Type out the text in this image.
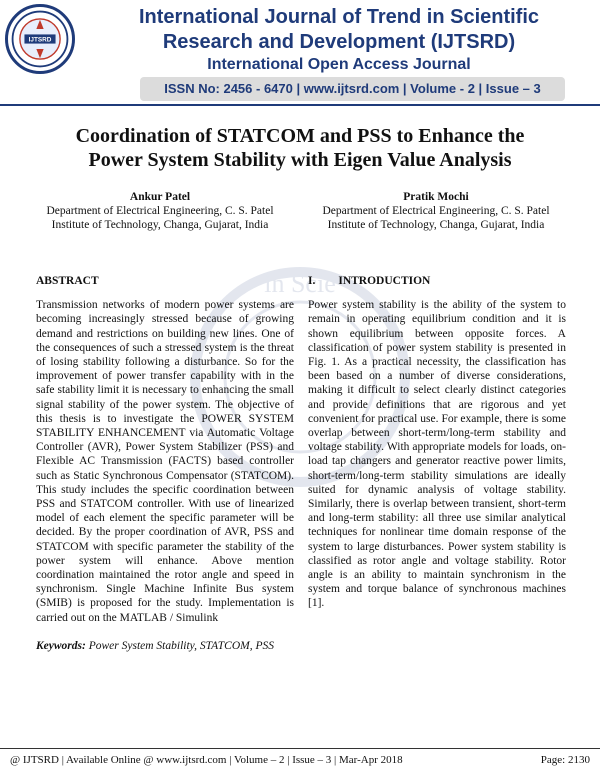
IJTSRD
International Journal of Trend in Scientific
Research and Development (IJTSRD)
International Open Access Journal
ISSN No: 2456 - 6470 | www.ijtsrd.com | Volume - 2 | Issue – 3
Coordination of STATCOM and PSS to Enhance the
Power System Stability with Eigen Value Analysis
Ankur Patel
Department of Electrical Engineering, C. S. Patel
Institute of Technology, Changa, Gujarat, India
Pratik Mochi
Department of Electrical Engineering, C. S. Patel
Institute of Technology, Changa, Gujarat, India
in Scie
ABSTRACT
Transmission networks of modern power systems are becoming increasingly stressed because of growing demand and restrictions on building new lines. One of the consequences of such a stressed system is the threat of losing stability following a disturbance. So for the improvement of power transfer capability with in the safe stability limit it is necessary to enhancing the small signal stability of the power system. The objective of this thesis is to investigate the POWER SYSTEM STABILITY ENHANCEMENT via Automatic Voltage Controller (AVR), Power System Stabilizer (PSS) and Flexible AC Transmission (FACTS) based controller such as Static Synchronous Compensator (STATCOM). This study includes the specific coordination between PSS and STATCOM controller. With use of linearized model of each element the specific parameter will be decided. By the proper coordination of AVR, PSS and STATCOM with specific parameter the stability of the power system will enhance. Above mention coordination maintained the rotor angle and speed in synchronism. Single Machine Infinite Bus system (SMIB) is proposed for the study. Implementation is carried out on the MATLAB / Simulink
Keywords: Power System Stability, STATCOM, PSS
I.        INTRODUCTION
Power system stability is the ability of the system to remain in operating equilibrium condition and it is shown equilibrium between opposite forces. A classification of power system stability is presented in Fig. 1. As a practical necessity, the classification has been based on a number of diverse considerations, making it difficult to select clearly distinct categories and provide definitions that are rigorous and yet convenient for practical use. For example, there is some overlap between short-term/long-term stability and voltage stability. With appropriate models for loads, on- load tap changers and generator reactive power limits, short-term/long-term stability simulations are ideally suited for dynamic analysis of voltage stability. Similarly, there is overlap between transient, short-term and long-term stability: all three use similar analytical techniques for nonlinear time domain response of the system to large disturbances. Power system stability is classified as rotor angle and voltage stability. Rotor angle is an ability to maintain synchronism in the system and torque balance of synchronous machines [1].
@ IJTSRD | Available Online @ www.ijtsrd.com | Volume – 2 | Issue – 3 | Mar-Apr 2018	Page: 2130
